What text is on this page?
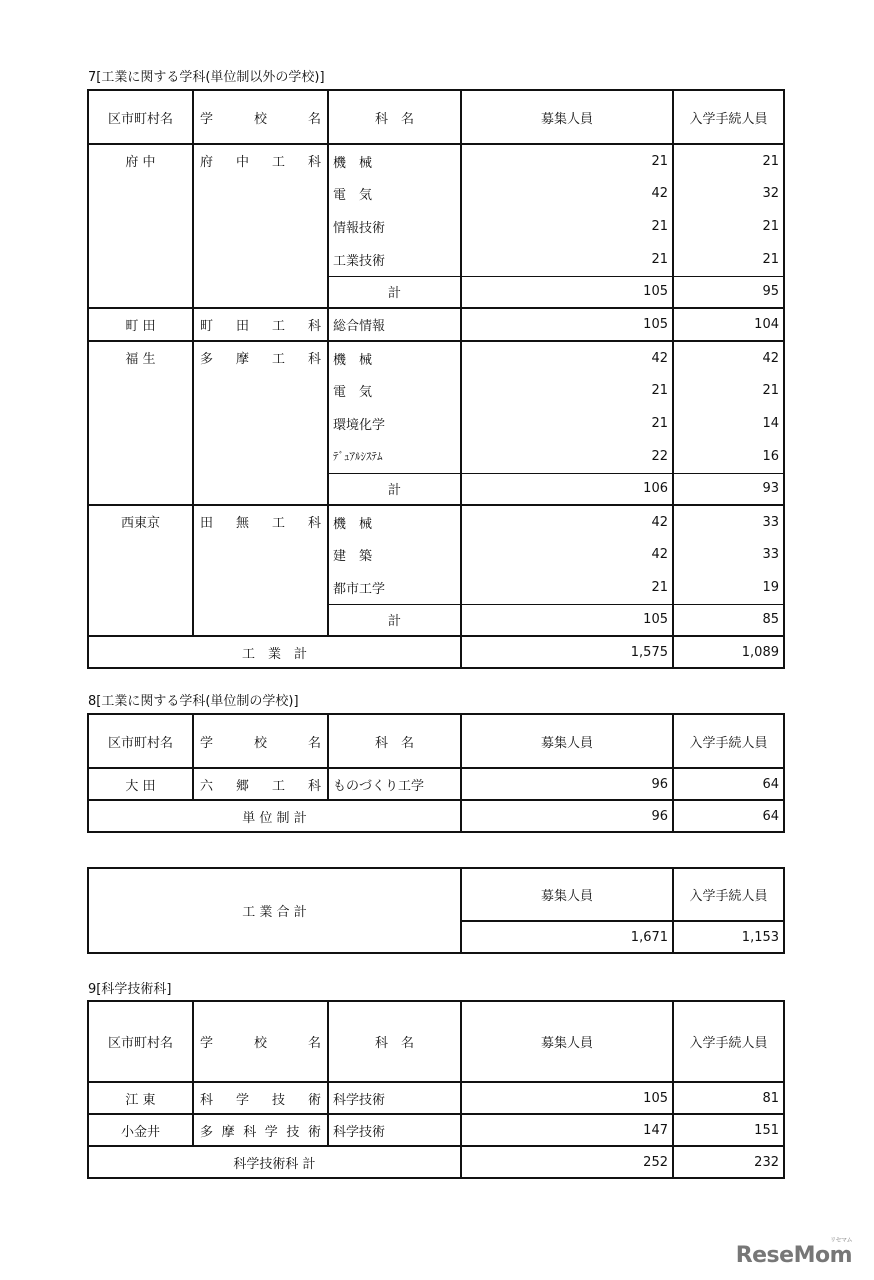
7[工業に関する学科(単位制以外の学校)]
区市町村名	学 校 名	科　名	募集人員	入学手続人員
府 中	府 中 工 科	機　械	21	21
		電　気	42	32
		情報技術	21	21
		工業技術	21	21
		計	105	95
町 田	町 田 工 科	総合情報	105	104
福 生	多 摩 工 科	機　械	42	42
		電　気	21	21
		環境化学	21	14
		ﾃﾞｭｱﾙｼｽﾃﾑ	22	16
		計	106	93
西東京	田 無 工 科	機　械	42	33
		建　築	42	33
		都市工学	21	19
		計	105	85
工　業　計			1,575	1,089
8[工業に関する学科(単位制の学校)]
区市町村名	学 校 名	科　名	募集人員	入学手続人員
大 田	六 郷 工 科	ものづくり工学	96	64
単 位 制 計			96	64
工 業 合 計	募集人員	入学手続人員
	1,671	1,153
9[科学技術科]
区市町村名	学 校 名	科　名	募集人員	入学手続人員
江 東	科 学 技 術	科学技術	105	81
小金井	多 摩 科 学 技 術	科学技術	147	151
科学技術科 計			252	232
リセマム
ReseMom
